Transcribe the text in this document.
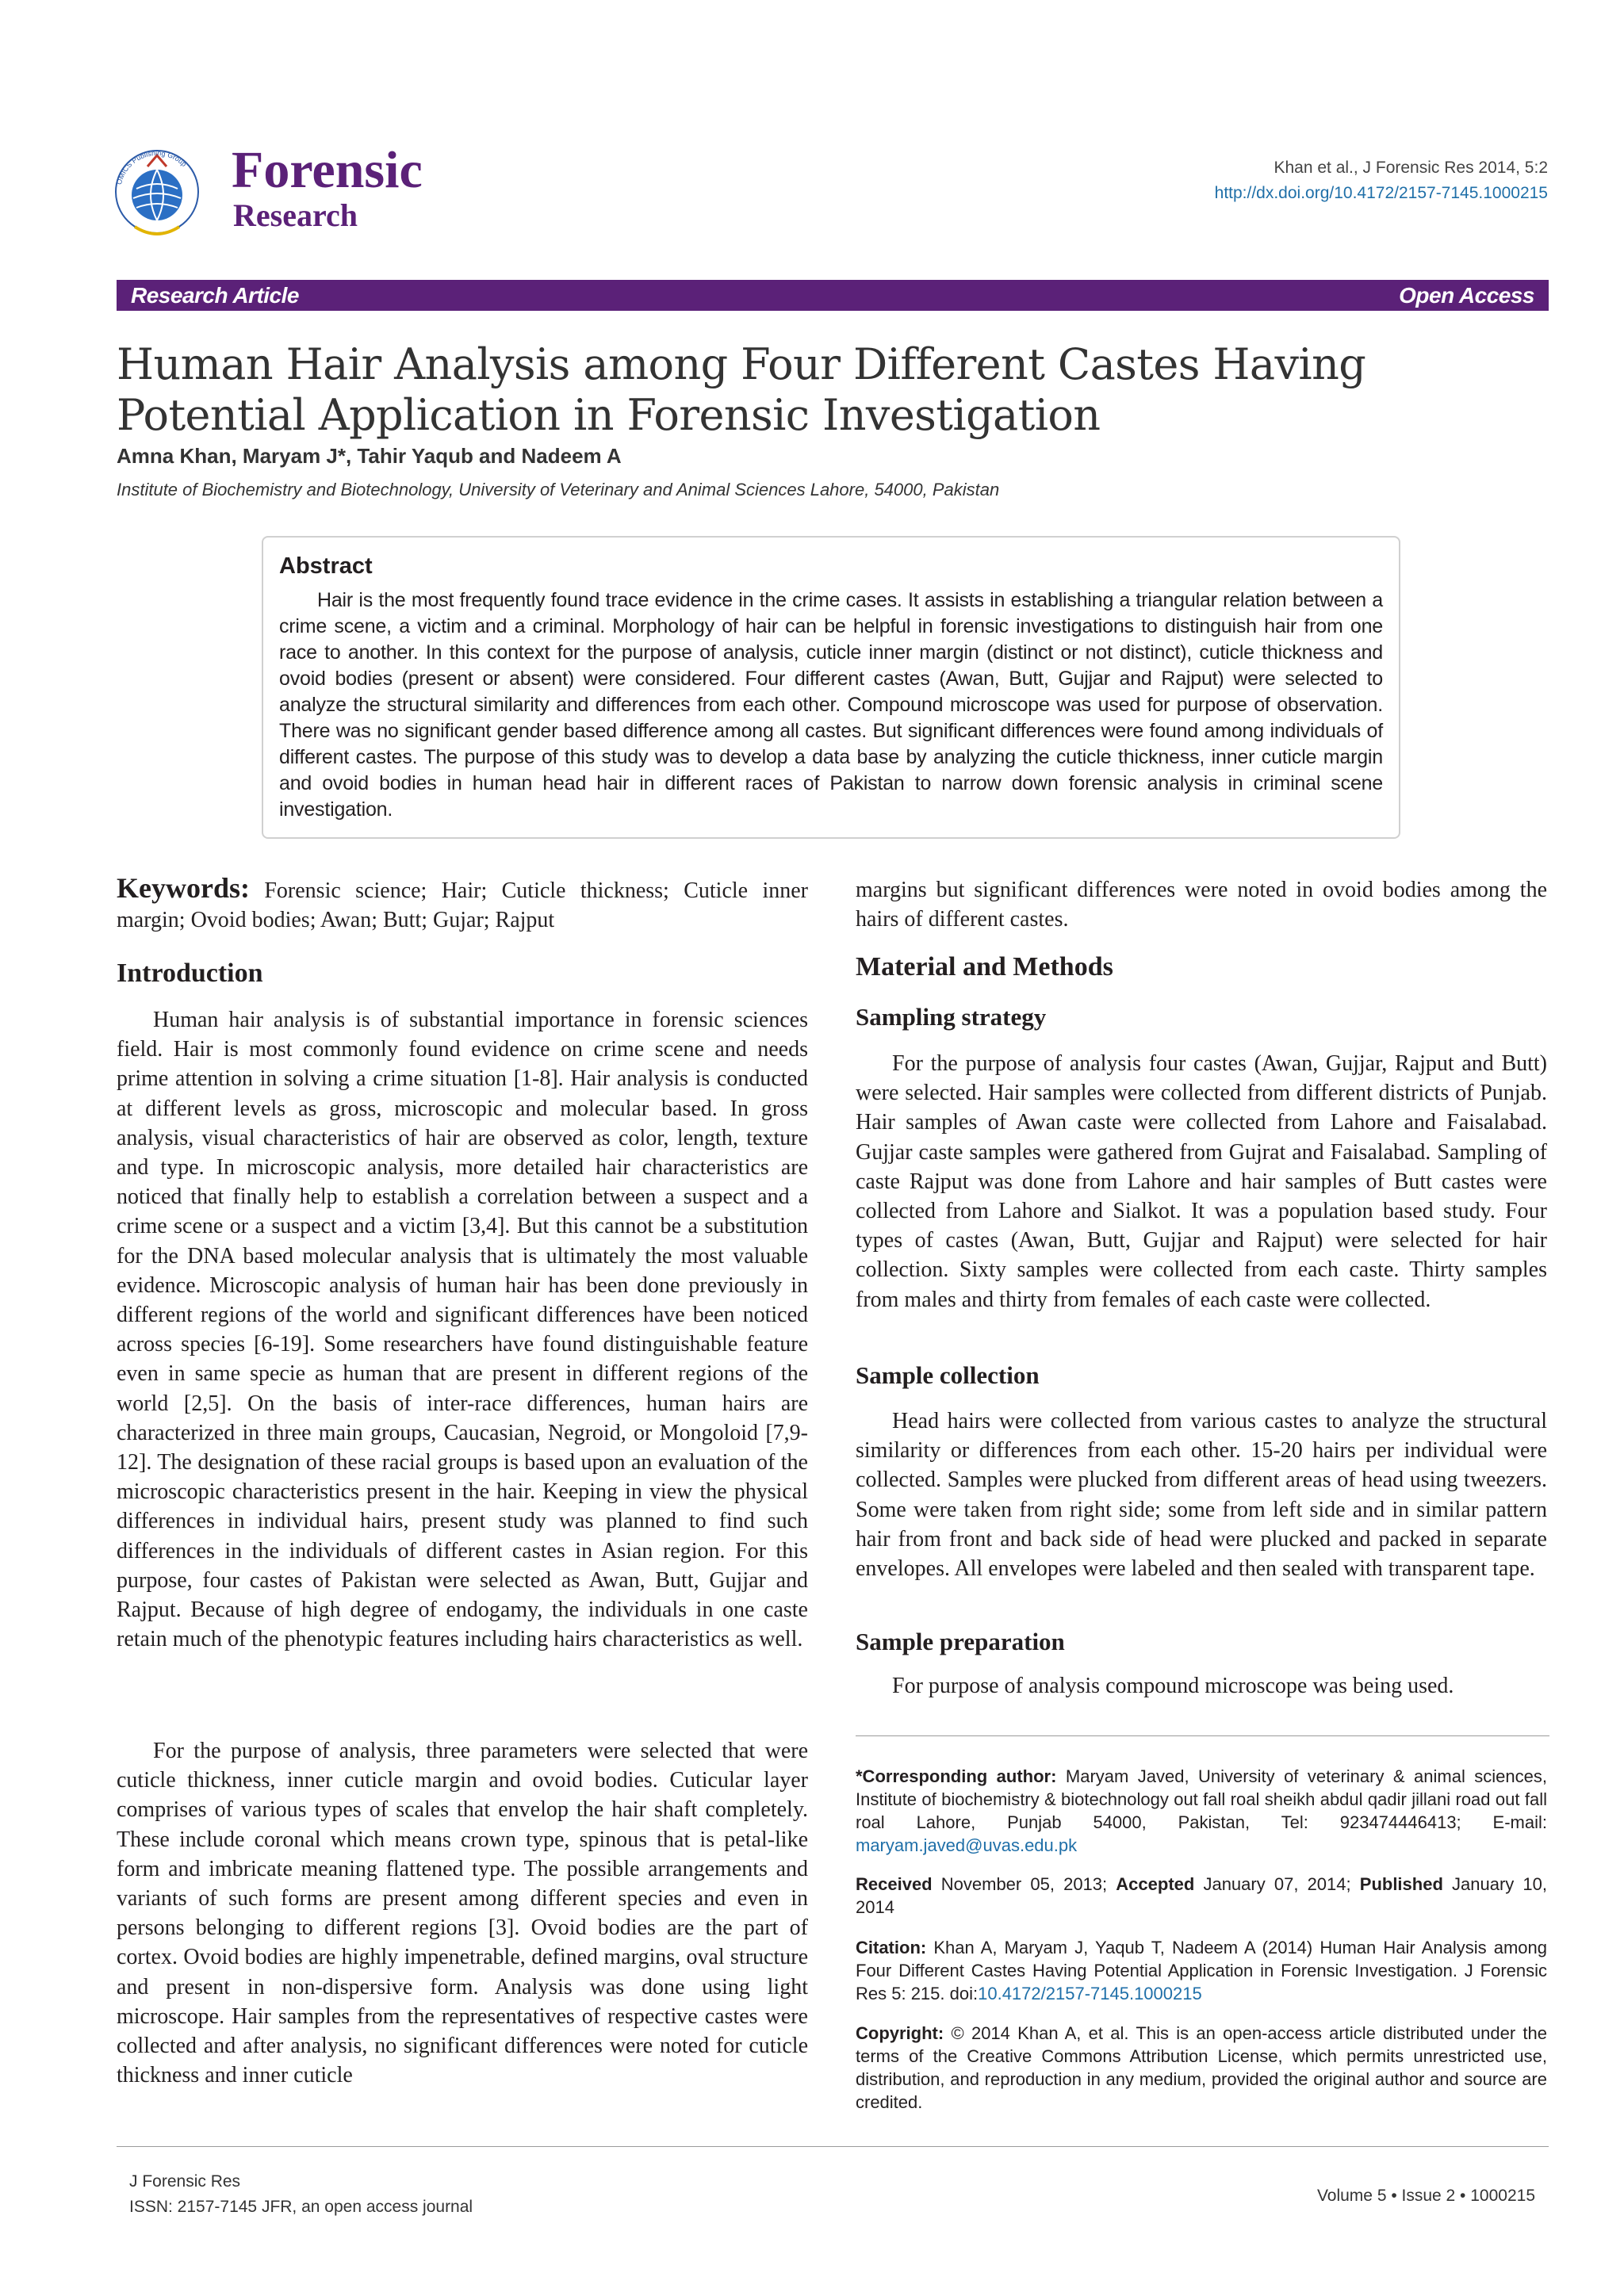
OMICS Publishing Group Forensic
Research
Khan et al., J Forensic Res 2014, 5:2
http://dx.doi.org/10.4172/2157-7145.1000215
Research Article	Open Access
Human Hair Analysis among Four Different Castes Having Potential Application in Forensic Investigation
Amna Khan, Maryam J*, Tahir Yaqub and Nadeem A
Institute of Biochemistry and Biotechnology, University of Veterinary and Animal Sciences Lahore, 54000, Pakistan
Abstract

Hair is the most frequently found trace evidence in the crime cases. It assists in establishing a triangular relation between a crime scene, a victim and a criminal. Morphology of hair can be helpful in forensic investigations to distinguish hair from one race to another. In this context for the purpose of analysis, cuticle inner margin (distinct or not distinct), cuticle thickness and ovoid bodies (present or absent) were considered. Four different castes (Awan, Butt, Gujjar and Rajput) were selected to analyze the structural similarity and differences from each other. Compound microscope was used for purpose of observation. There was no significant gender based difference among all castes. But significant differences were found among individuals of different castes. The purpose of this study was to develop a data base by analyzing the cuticle thickness, inner cuticle margin and ovoid bodies in human head hair in different races of Pakistan to narrow down forensic analysis in criminal scene investigation.

Keywords: Forensic science; Hair; Cuticle thickness; Cuticle inner margin; Ovoid bodies; Awan; Butt; Gujar; Rajput
Introduction

Human hair analysis is of substantial importance in forensic sciences field. Hair is most commonly found evidence on crime scene and needs prime attention in solving a crime situation [1-8]. Hair analysis is conducted at different levels as gross, microscopic and molecular based. In gross analysis, visual characteristics of hair are observed as color, length, texture and type. In microscopic analysis, more detailed hair characteristics are noticed that finally help to establish a correlation between a suspect and a crime scene or a suspect and a victim [3,4]. But this cannot be a substitution for the DNA based molecular analysis that is ultimately the most valuable evidence. Microscopic analysis of human hair has been done previously in different regions of the world and significant differences have been noticed across species [6-19]. Some researchers have found distinguishable feature even in same specie as human that are present in different regions of the world [2,5]. On the basis of inter-race differences, human hairs are characterized in three main groups, Caucasian, Negroid, or Mongoloid [7,9-12]. The designation of these racial groups is based upon an evaluation of the microscopic characteristics present in the hair. Keeping in view the physical differences in individual hairs, present study was planned to find such differences in the individuals of different castes in Asian region. For this purpose, four castes of Pakistan were selected as Awan, Butt, Gujjar and Rajput. Because of high degree of endogamy, the individuals in one caste retain much of the phenotypic features including hairs characteristics as well.

For the purpose of analysis, three parameters were selected that were cuticle thickness, inner cuticle margin and ovoid bodies. Cuticular layer comprises of various types of scales that envelop the hair shaft completely. These include coronal which means crown type, spinous that is petal-like form and imbricate meaning flattened type. The possible arrangements and variants of such forms are present among different species and even in persons belonging to different regions [3]. Ovoid bodies are the part of cortex. Ovoid bodies are highly impenetrable, defined margins, oval structure and present in non-dispersive form. Analysis was done using light microscope. Hair samples from the representatives of respective castes were collected and after analysis, no significant differences were noted for cuticle thickness and inner cuticle

margins but significant differences were noted in ovoid bodies among the hairs of different castes.

Material and Methods
Sampling strategy

For the purpose of analysis four castes (Awan, Gujjar, Rajput and Butt) were selected. Hair samples were collected from different districts of Punjab. Hair samples of Awan caste were collected from Lahore and Faisalabad. Gujjar caste samples were gathered from Gujrat and Faisalabad. Sampling of caste Rajput was done from Lahore and hair samples of Butt castes were collected from Lahore and Sialkot. It was a population based study. Four types of castes (Awan, Butt, Gujjar and Rajput) were selected for hair collection. Sixty samples were collected from each caste. Thirty samples from males and thirty from females of each caste were collected.

Sample collection

Head hairs were collected from various castes to analyze the structural similarity or differences from each other. 15-20 hairs per individual were collected. Samples were plucked from different areas of head using tweezers. Some were taken from right side; some from left side and in similar pattern hair from front and back side of head were plucked and packed in separate envelopes. All envelopes were labeled and then sealed with transparent tape.

Sample preparation

For purpose of analysis compound microscope was being used.

*Corresponding author: Maryam Javed, University of veterinary & animal sciences, Institute of biochemistry & biotechnology out fall roal sheikh abdul qadir jillani road out fall roal Lahore, Punjab 54000, Pakistan, Tel: 923474446413; E-mail: maryam.javed@uvas.edu.pk
Received November 05, 2013; Accepted January 07, 2014; Published January 10, 2014
Citation: Khan A, Maryam J, Yaqub T, Nadeem A (2014) Human Hair Analysis among Four Different Castes Having Potential Application in Forensic Investigation. J Forensic Res 5: 215. doi:10.4172/2157-7145.1000215
Copyright: © 2014 Khan A, et al. This is an open-access article distributed under the terms of the Creative Commons Attribution License, which permits unrestricted use, distribution, and reproduction in any medium, provided the original author and source are credited.
J Forensic Res
ISSN: 2157-7145 JFR, an open access journal
Volume 5 • Issue 2 • 1000215
